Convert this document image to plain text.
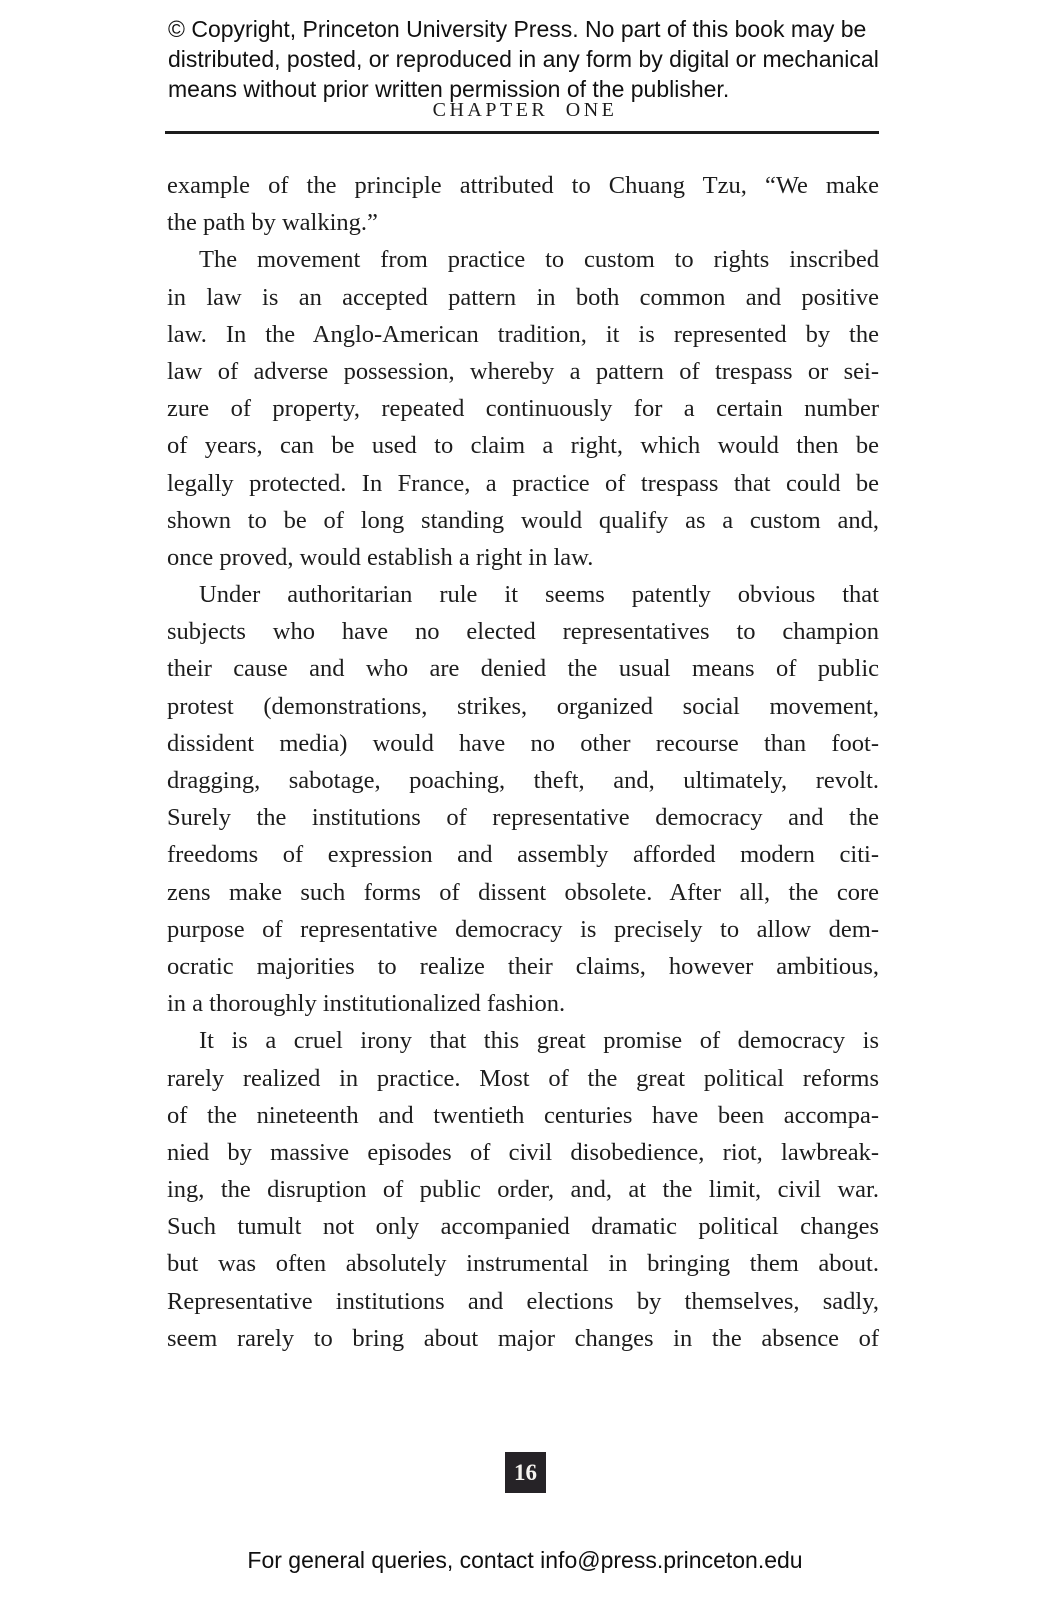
© Copyright, Princeton University Press. No part of this book may be
distributed, posted, or reproduced in any form by digital or mechanical
means without prior written permission of the publisher.
CHAPTER ONE
example of the principle attributed to Chuang Tzu, “We make
the path by walking.”
The movement from practice to custom to rights inscribed
in law is an accepted pattern in both common and positive
law. In the Anglo-American tradition, it is represented by the
law of adverse possession, whereby a pattern of trespass or sei-
zure of property, repeated continuously for a certain number
of years, can be used to claim a right, which would then be
legally protected. In France, a practice of trespass that could be
shown to be of long standing would qualify as a custom and,
once proved, would establish a right in law.
Under authoritarian rule it seems patently obvious that
subjects who have no elected representatives to champion
their cause and who are denied the usual means of public
protest (demonstrations, strikes, organized social movement,
dissident media) would have no other recourse than foot-
dragging, sabotage, poaching, theft, and, ultimately, revolt.
Surely the institutions of representative democracy and the
freedoms of expression and assembly afforded modern citi-
zens make such forms of dissent obsolete. After all, the core
purpose of representative democracy is precisely to allow dem-
ocratic majorities to realize their claims, however ambitious,
in a thoroughly institutionalized fashion.
It is a cruel irony that this great promise of democracy is
rarely realized in practice. Most of the great political reforms
of the nineteenth and twentieth centuries have been accompa-
nied by massive episodes of civil disobedience, riot, lawbreak-
ing, the disruption of public order, and, at the limit, civil war.
Such tumult not only accompanied dramatic political changes
but was often absolutely instrumental in bringing them about.
Representative institutions and elections by themselves, sadly,
seem rarely to bring about major changes in the absence of
16
For general queries, contact info@press.princeton.edu
